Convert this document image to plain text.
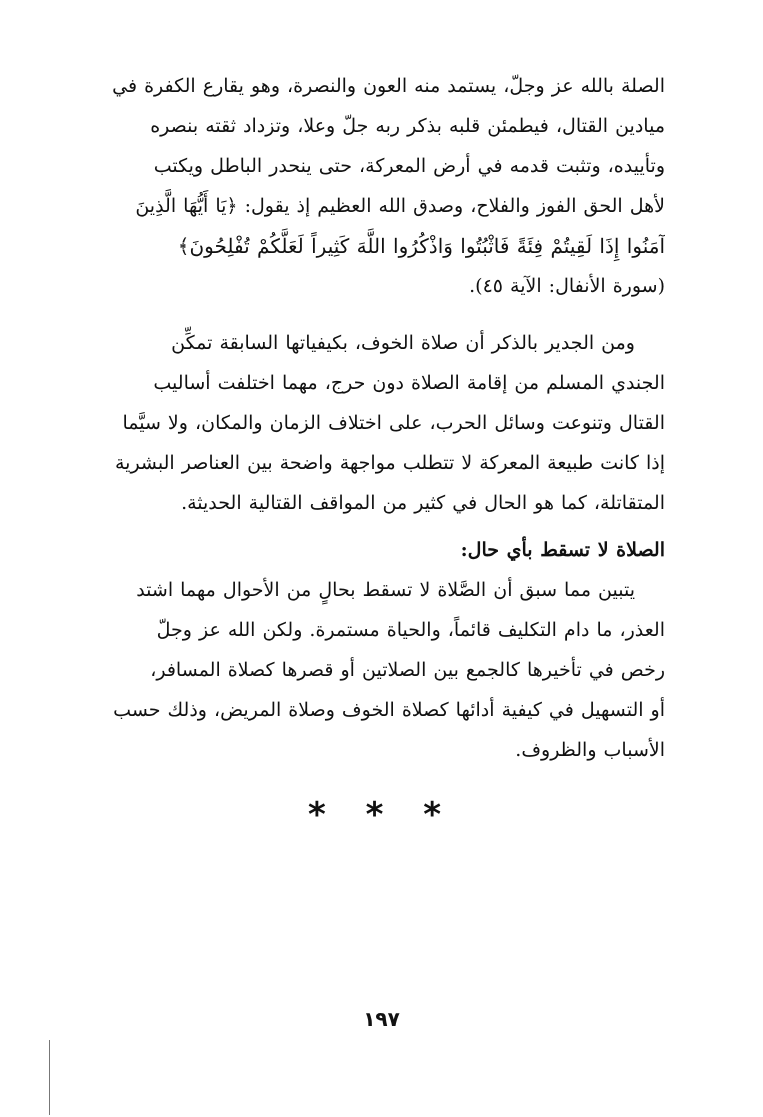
الصلة بالله عز وجلّ، يستمد منه العون والنصرة، وهو يقارع الكفرة في
ميادين القتال، فيطمئن قلبه بذكر ربه جلّ وعلا، وتزداد ثقته بنصره
وتأييده، وتثبت قدمه في أرض المعركة، حتى ينحدر الباطل ويكتب
لأهل الحق الفوز والفلاح، وصدق الله العظيم إذ يقول: ﴿يَا أَيُّهَا الَّذِينَ
آمَنُوا إِذَا لَقِيتُمْ فِئَةً فَاثْبُتُوا وَاذْكُرُوا اللَّهَ كَثِيراً لَعَلَّكُمْ تُفْلِحُونَ﴾
(سورة الأنفال: الآية ٤٥).
ومن الجدير بالذكر أن صلاة الخوف، بكيفياتها السابقة تمكِّن
الجندي المسلم من إقامة الصلاة دون حرج، مهما اختلفت أساليب
القتال وتنوعت وسائل الحرب، على اختلاف الزمان والمكان، ولا سيَّما
إذا كانت طبيعة المعركة لا تتطلب مواجهة واضحة بين العناصر البشرية
المتقاتلة، كما هو الحال في كثير من المواقف القتالية الحديثة.
الصلاة لا تسقط بأي حال:
يتبين مما سبق أن الصَّلاة لا تسقط بحالٍ من الأحوال مهما اشتد
العذر، ما دام التكليف قائماً، والحياة مستمرة. ولكن الله عز وجلّ
رخص في تأخيرها كالجمع بين الصلاتين أو قصرها كصلاة المسافر،
أو التسهيل في كيفية أدائها كصلاة الخوف وصلاة المريض، وذلك حسب
الأسباب والظروف.
* * *
١٩٧
